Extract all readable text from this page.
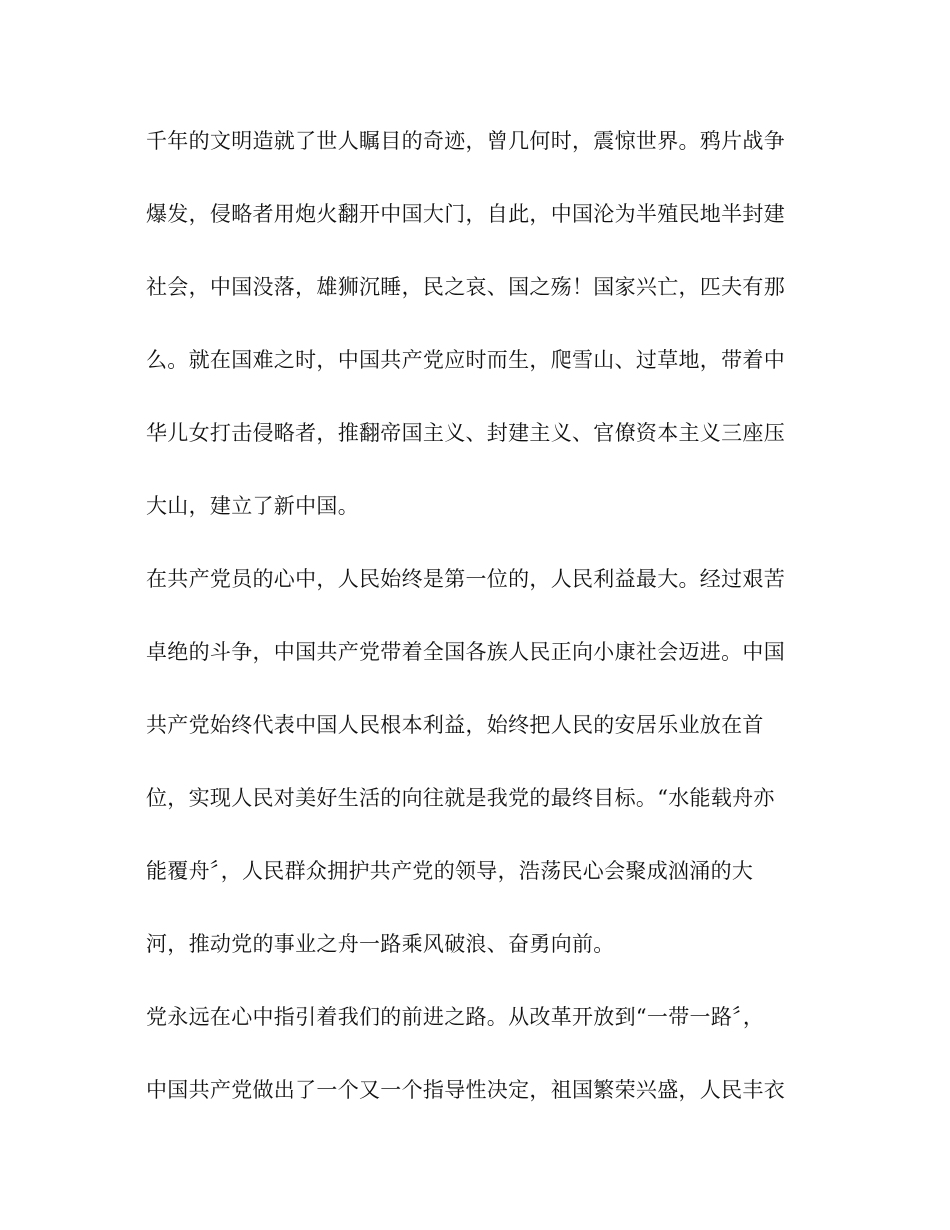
千年的文明造就了世人瞩目的奇迹，曾几何时，震惊世界。鸦片战争
爆发，侵略者用炮火翻开中国大门，自此，中国沦为半殖民地半封建
社会，中国没落，雄狮沉睡，民之哀、国之殇！国家兴亡，匹夫有那
么。就在国难之时，中国共产党应时而生，爬雪山、过草地，带着中
华儿女打击侵略者，推翻帝国主义、封建主义、官僚资本主义三座压
大山，建立了新中国。
在共产党员的心中，人民始终是第一位的，人民利益最大。经过艰苦
卓绝的斗争，中国共产党带着全国各族人民正向小康社会迈进。中国
共产党始终代表中国人民根本利益，始终把人民的安居乐业放在首
位，实现人民对美好生活的向往就是我党的最终目标。“水能载舟亦
能覆舟〞，人民群众拥护共产党的领导，浩荡民心会聚成汹涌的大
河，推动党的事业之舟一路乘风破浪、奋勇向前。
党永远在心中指引着我们的前进之路。从改革开放到“一带一路〞，
中国共产党做出了一个又一个指导性决定，祖国繁荣兴盛，人民丰衣
